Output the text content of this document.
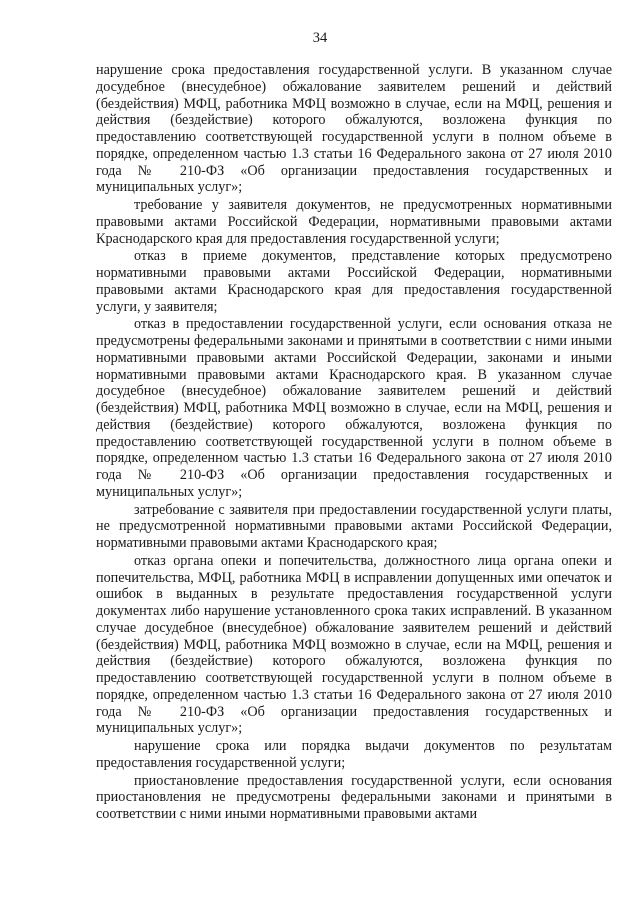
34

нарушение срока предоставления государственной услуги. В указанном случае досудебное (внесудебное) обжалование заявителем решений и действий (бездействия) МФЦ, работника МФЦ возможно в случае, если на МФЦ, решения и действия (бездействие) которого обжалуются, возложена функция по предоставлению соответствующей государственной услуги в полном объеме в порядке, определенном частью 1.3 статьи 16 Федерального закона от 27 июля 2010 года № 210-ФЗ «Об организации предоставления государственных и муниципальных услуг»;

требование у заявителя документов, не предусмотренных нормативными правовыми актами Российской Федерации, нормативными правовыми актами Краснодарского края для предоставления государственной услуги;

отказ в приеме документов, представление которых предусмотрено нормативными правовыми актами Российской Федерации, нормативными правовыми актами Краснодарского края для предоставления государственной услуги, у заявителя;

отказ в предоставлении государственной услуги, если основания отказа не предусмотрены федеральными законами и принятыми в соответствии с ними иными нормативными правовыми актами Российской Федерации, законами и иными нормативными правовыми актами Краснодарского края. В указанном случае досудебное (внесудебное) обжалование заявителем решений и действий (бездействия) МФЦ, работника МФЦ возможно в случае, если на МФЦ, решения и действия (бездействие) которого обжалуются, возложена функция по предоставлению соответствующей государственной услуги в полном объеме в порядке, определенном частью 1.3 статьи 16 Федерального закона от 27 июля 2010 года № 210-ФЗ «Об организации предоставления государственных и муниципальных услуг»;

затребование с заявителя при предоставлении государственной услуги платы, не предусмотренной нормативными правовыми актами Российской Федерации, нормативными правовыми актами Краснодарского края;

отказ органа опеки и попечительства, должностного лица органа опеки и попечительства, МФЦ, работника МФЦ в исправлении допущенных ими опечаток и ошибок в выданных в результате предоставления государственной услуги документах либо нарушение установленного срока таких исправлений. В указанном случае досудебное (внесудебное) обжалование заявителем решений и действий (бездействия) МФЦ, работника МФЦ возможно в случае, если на МФЦ, решения и действия (бездействие) которого обжалуются, возложена функция по предоставлению соответствующей государственной услуги в полном объеме в порядке, определенном частью 1.3 статьи 16 Федерального закона от 27 июля 2010 года № 210-ФЗ «Об организации предоставления государственных и муниципальных услуг»;

нарушение срока или порядка выдачи документов по результатам предоставления государственной услуги;

приостановление предоставления государственной услуги, если основания приостановления не предусмотрены федеральными законами и принятыми в соответствии с ними иными нормативными правовыми актами
